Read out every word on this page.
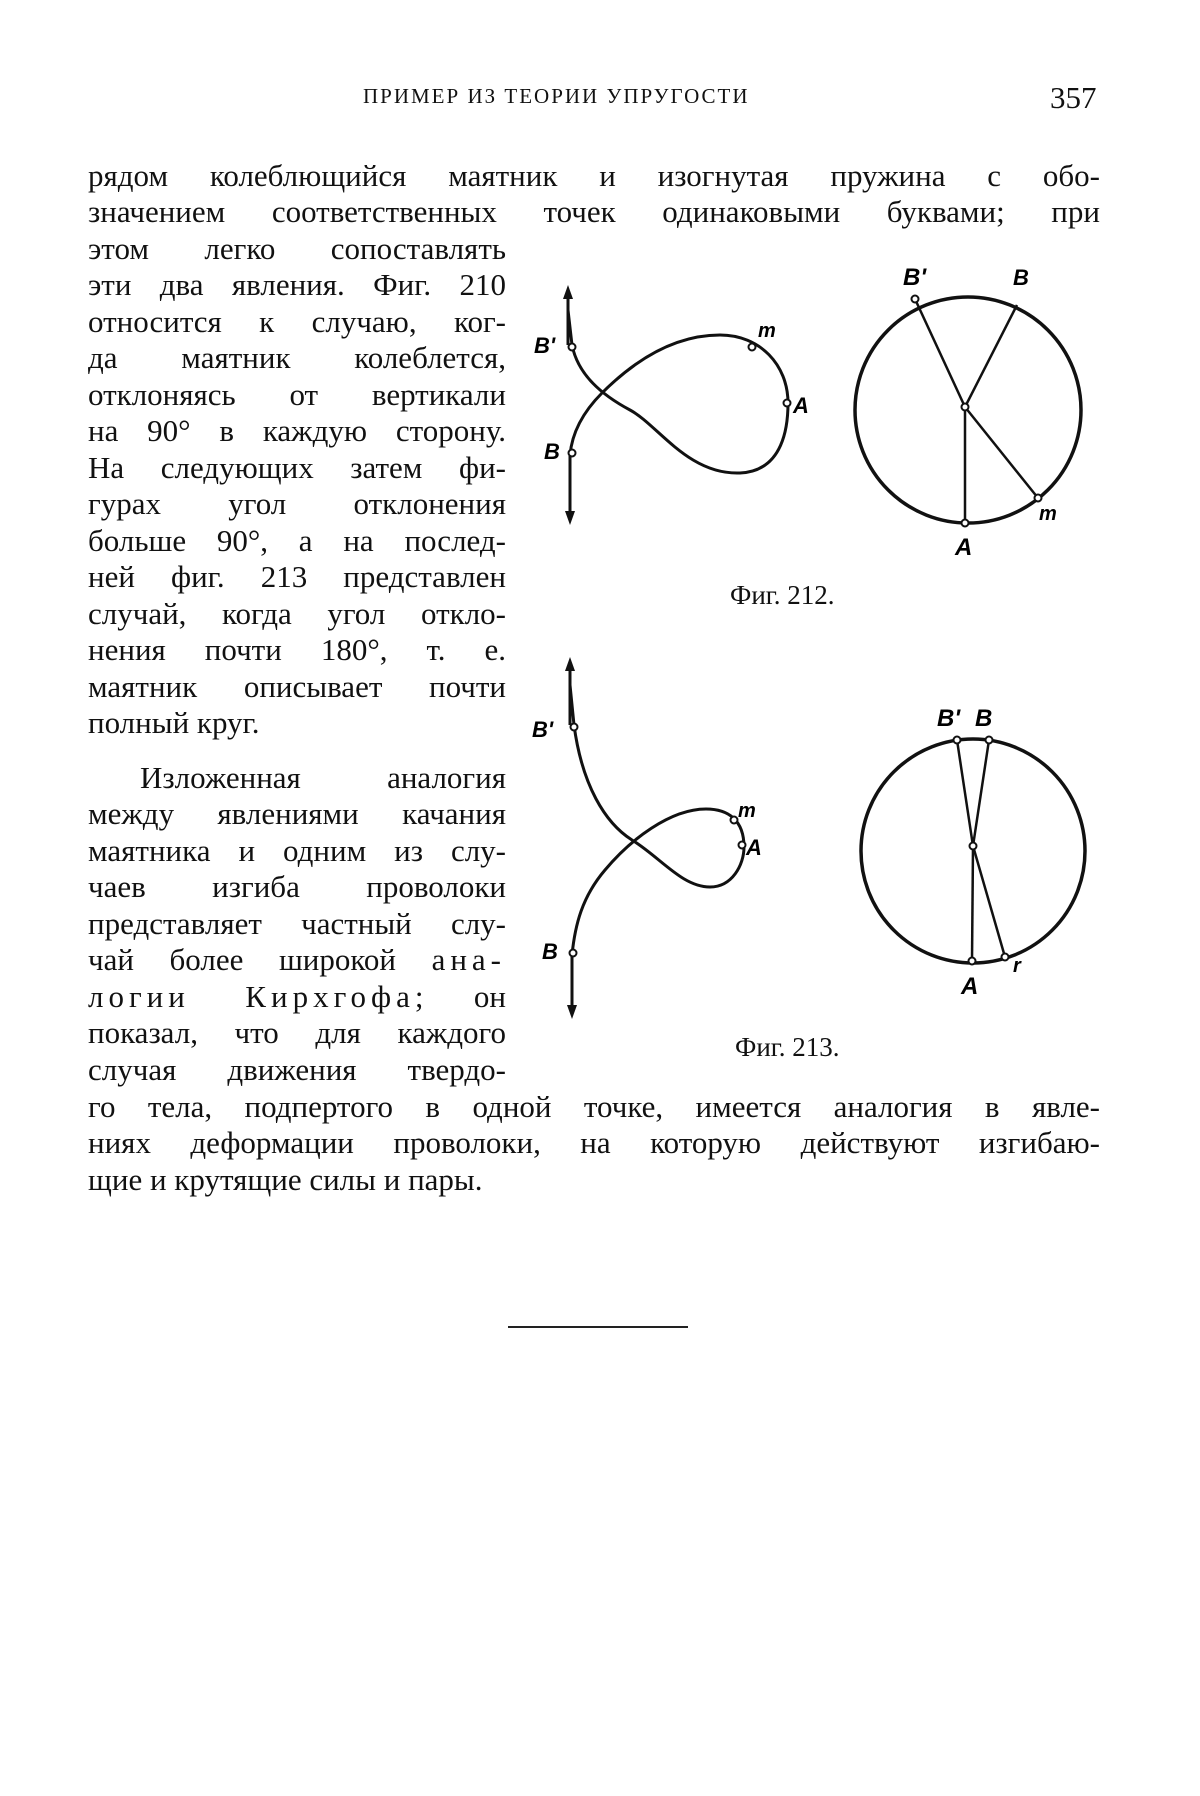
ПРИМЕР ИЗ ТЕОРИИ УПРУГОСТИ	357
рядом колеблющийся маятник и изогнутая пружина с обо-
значением соответственных точек одинаковыми буквами; при
этом легко сопоставлять
эти два явления. Фиг. 210
относится к случаю, ког-
да маятник колеблется,
отклоняясь от вертикали
на 90° в каждую сторону.
На следующих затем фи-
гурах угол отклонения
больше 90°, а на послед-
ней фиг. 213 представлен
случай, когда угол откло-
нения почти 180°, т. е.
маятник описывает почти
полный круг.
Изложенная аналогия
между явлениями качания
маятника и одним из слу-
чаев изгиба проволоки
представляет частный слу-
чай более широкой ана-
логии Кирхгофа; он
показал, что для каждого
случая движения твердо-
го тела, подпертого в одной точке, имеется аналогия в явле-
ниях деформации проволоки, на которую действуют изгибаю-
щие и крутящие силы и пары.
B'
B
m
A
B'	B
m
A
Фиг. 212.
B'
B
m
A
B' B
r
A
Фиг. 213.
